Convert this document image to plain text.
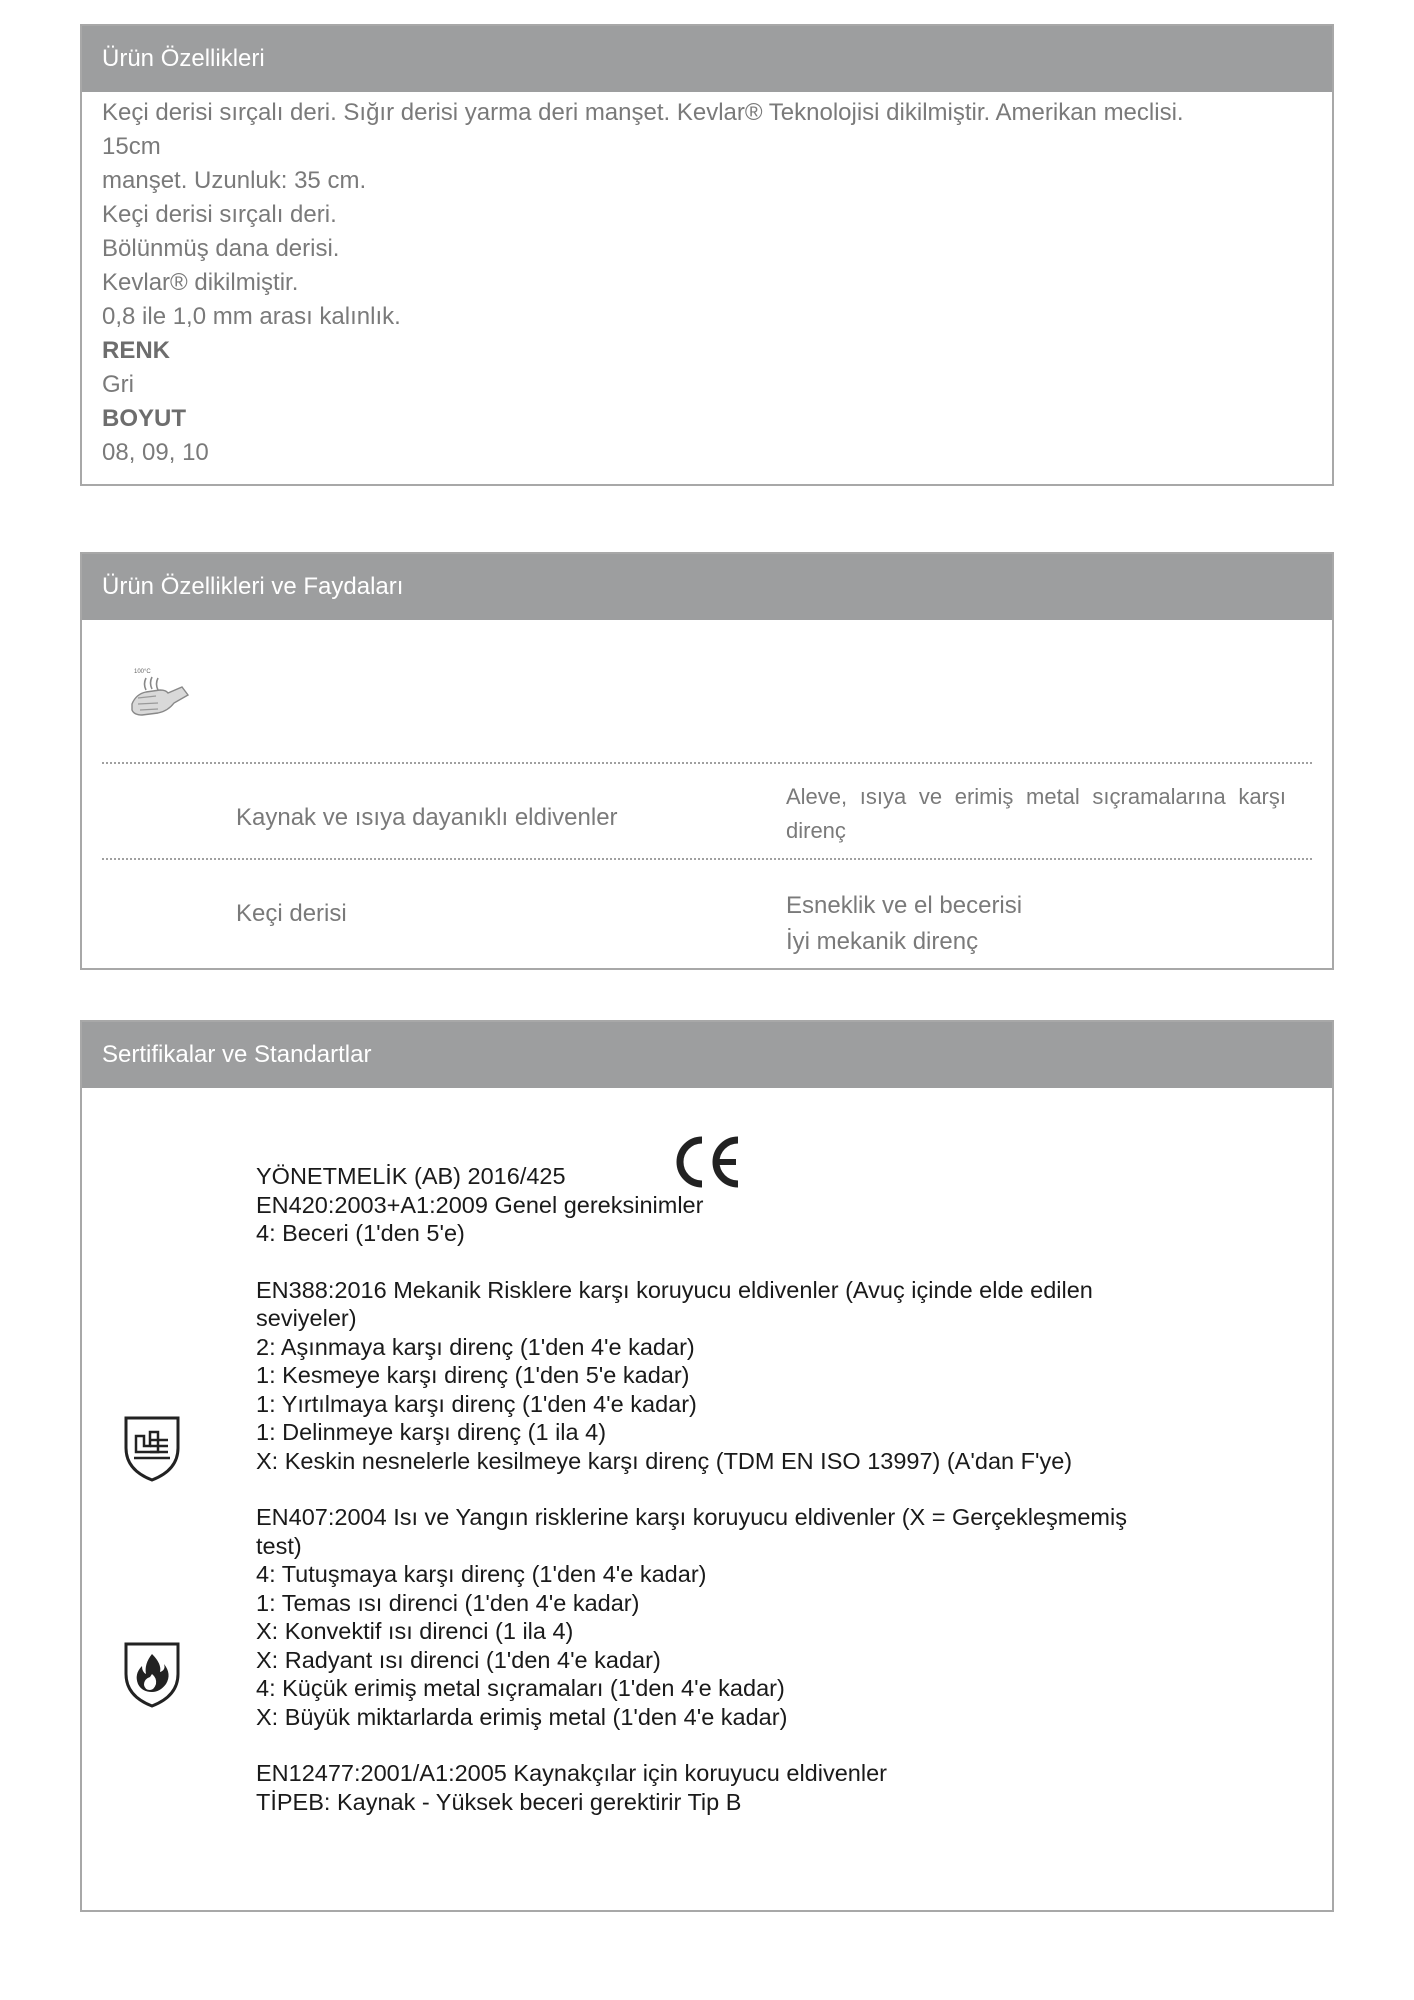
Ürün Özellikleri
Keçi derisi sırçalı deri. Sığır derisi yarma deri manşet. Kevlar® Teknolojisi dikilmiştir. Amerikan meclisi.
15cm
manşet. Uzunluk: 35 cm.
Keçi derisi sırçalı deri.
Bölünmüş dana derisi.
Kevlar® dikilmiştir.
0,8 ile 1,0 mm arası kalınlık.
RENK
Gri
BOYUT
08, 09, 10
Ürün Özellikleri ve Faydaları
100°C
Kaynak ve ısıya dayanıklı eldivenler
Aleve, ısıya ve erimiş metal sıçramalarına karşı direnç
Keçi derisi	Esneklik ve el becerisi
İyi mekanik direnç
Sertifikalar ve Standartlar
YÖNETMELİK (AB) 2016/425
EN420:2003+A1:2009 Genel gereksinimler
4: Beceri (1'den 5'e)
EN388:2016 Mekanik Risklere karşı koruyucu eldivenler (Avuç içinde elde edilen
seviyeler)
2: Aşınmaya karşı direnç (1'den 4'e kadar)
1: Kesmeye karşı direnç (1'den 5'e kadar)
1: Yırtılmaya karşı direnç (1'den 4'e kadar)
1: Delinmeye karşı direnç (1 ila 4)
X: Keskin nesnelerle kesilmeye karşı direnç (TDM EN ISO 13997) (A'dan F'ye)
EN407:2004 Isı ve Yangın risklerine karşı koruyucu eldivenler (X = Gerçekleşmemiş
test)
4: Tutuşmaya karşı direnç (1'den 4'e kadar)
1: Temas ısı direnci (1'den 4'e kadar)
X: Konvektif ısı direnci (1 ila 4)
X: Radyant ısı direnci (1'den 4'e kadar)
4: Küçük erimiş metal sıçramaları (1'den 4'e kadar)
X: Büyük miktarlarda erimiş metal (1'den 4'e kadar)
EN12477:2001/A1:2005 Kaynakçılar için koruyucu eldivenler
TİPEB: Kaynak - Yüksek beceri gerektirir Tip B
